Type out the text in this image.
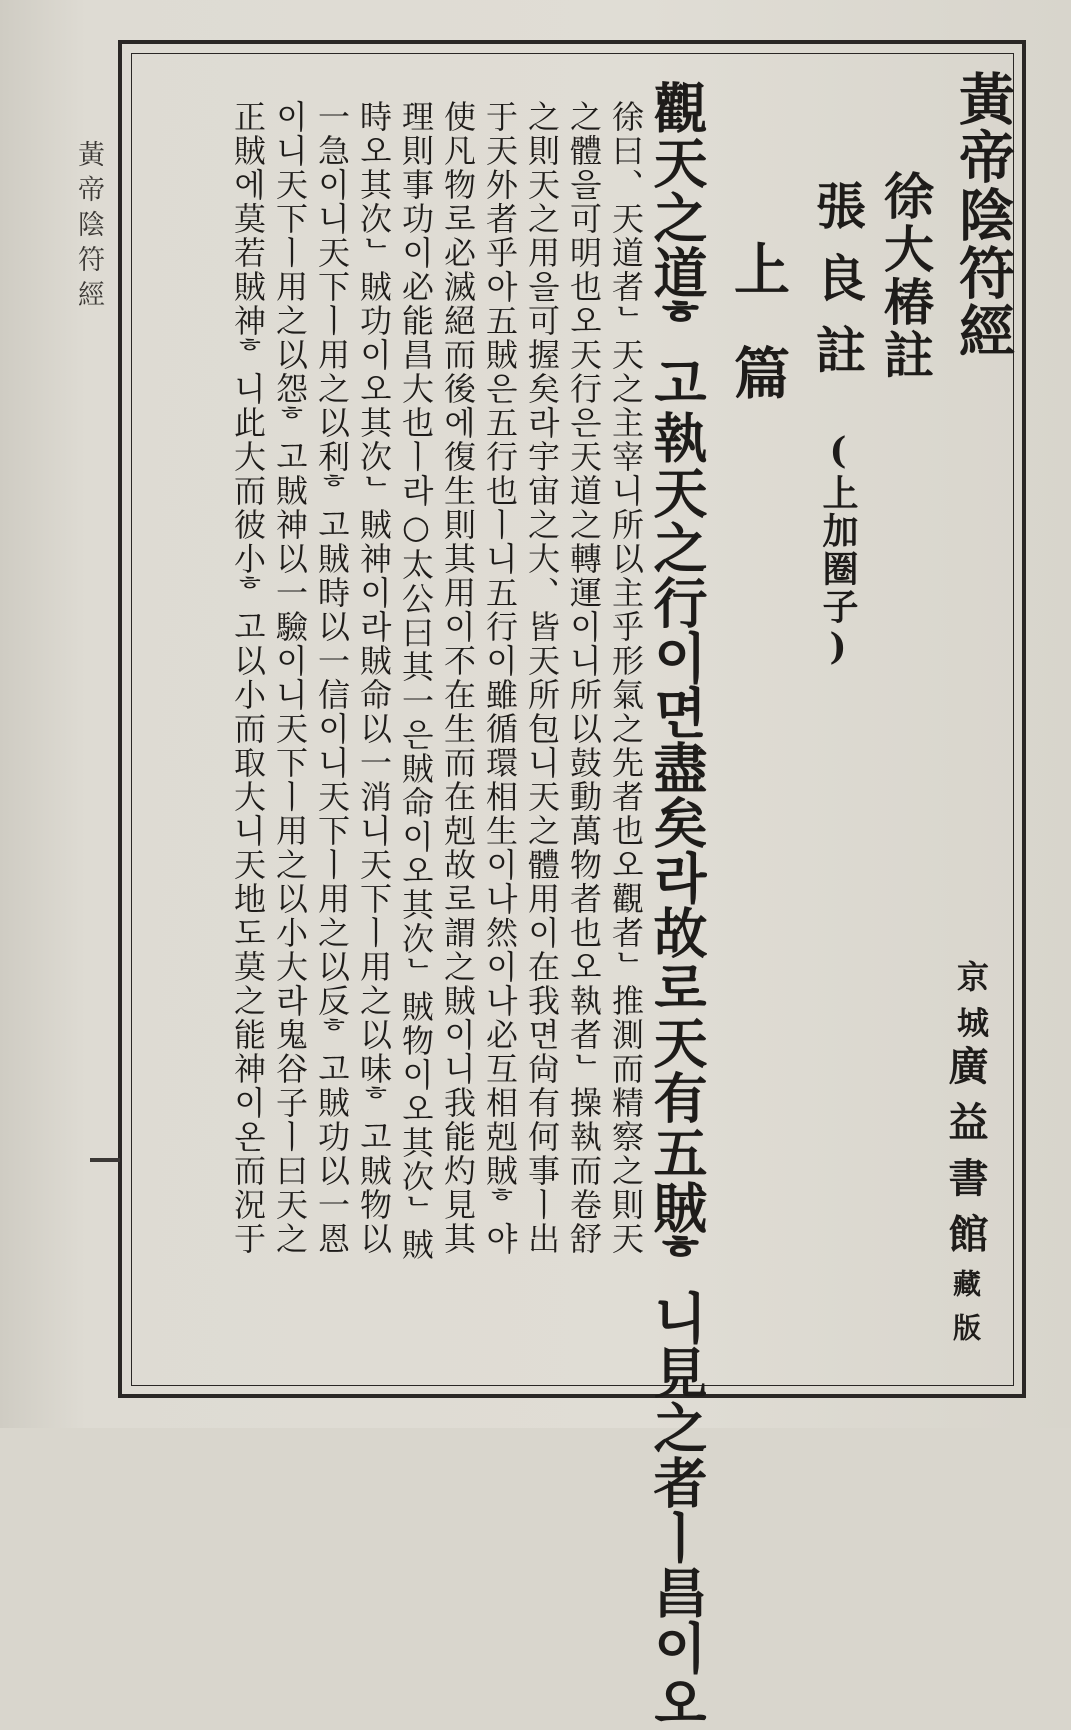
黃帝陰符經	黃帝陰符經
徐大椿註
張良註
(上加圈子)
上篇
觀天之道ᄒ고執天之行이면盡矣라故로天有五賊ᄒ니見之者ㅣ昌이오
徐曰、天道者ᄂ天之主宰니所以主乎形氣之先者也오觀者ᄂ推測而精察之則天
之體을可明也오天行은天道之轉運이니所以鼓動萬物者也오執者ᄂ操執而卷舒
之則天之用을可握矣라宇宙之大、皆天所包니天之體用이在我면尙有何事ㅣ出
于天外者乎아五賊은五行也ㅣ니五行이雖循環相生이나然이나必互相剋賊ᄒ야
使凡物로必滅絕而後에復生則其用이不在生而在剋故로謂之賊이니我能灼見其
理則事功이必能昌大也ㅣ라○太公曰其一은賊命이오其次ᄂ賊物이오其次ᄂ賊
時오其次ᄂ賊功이오其次ᄂ賊神이라賊命以一消니天下ㅣ用之以味ᄒ고賊物以
一急이니天下ㅣ用之以利ᄒ고賊時以一信이니天下ㅣ用之以反ᄒ고賊功以一恩
이니天下ㅣ用之以怨ᄒ고賊神以一驗이니天下ㅣ用之以小大라鬼谷子ㅣ曰天之
正賊에莫若賊神ᄒ니此大而彼小ᄒ고以小而取大니天地도莫之能神이온而況于	京城
廣益書館藏版
